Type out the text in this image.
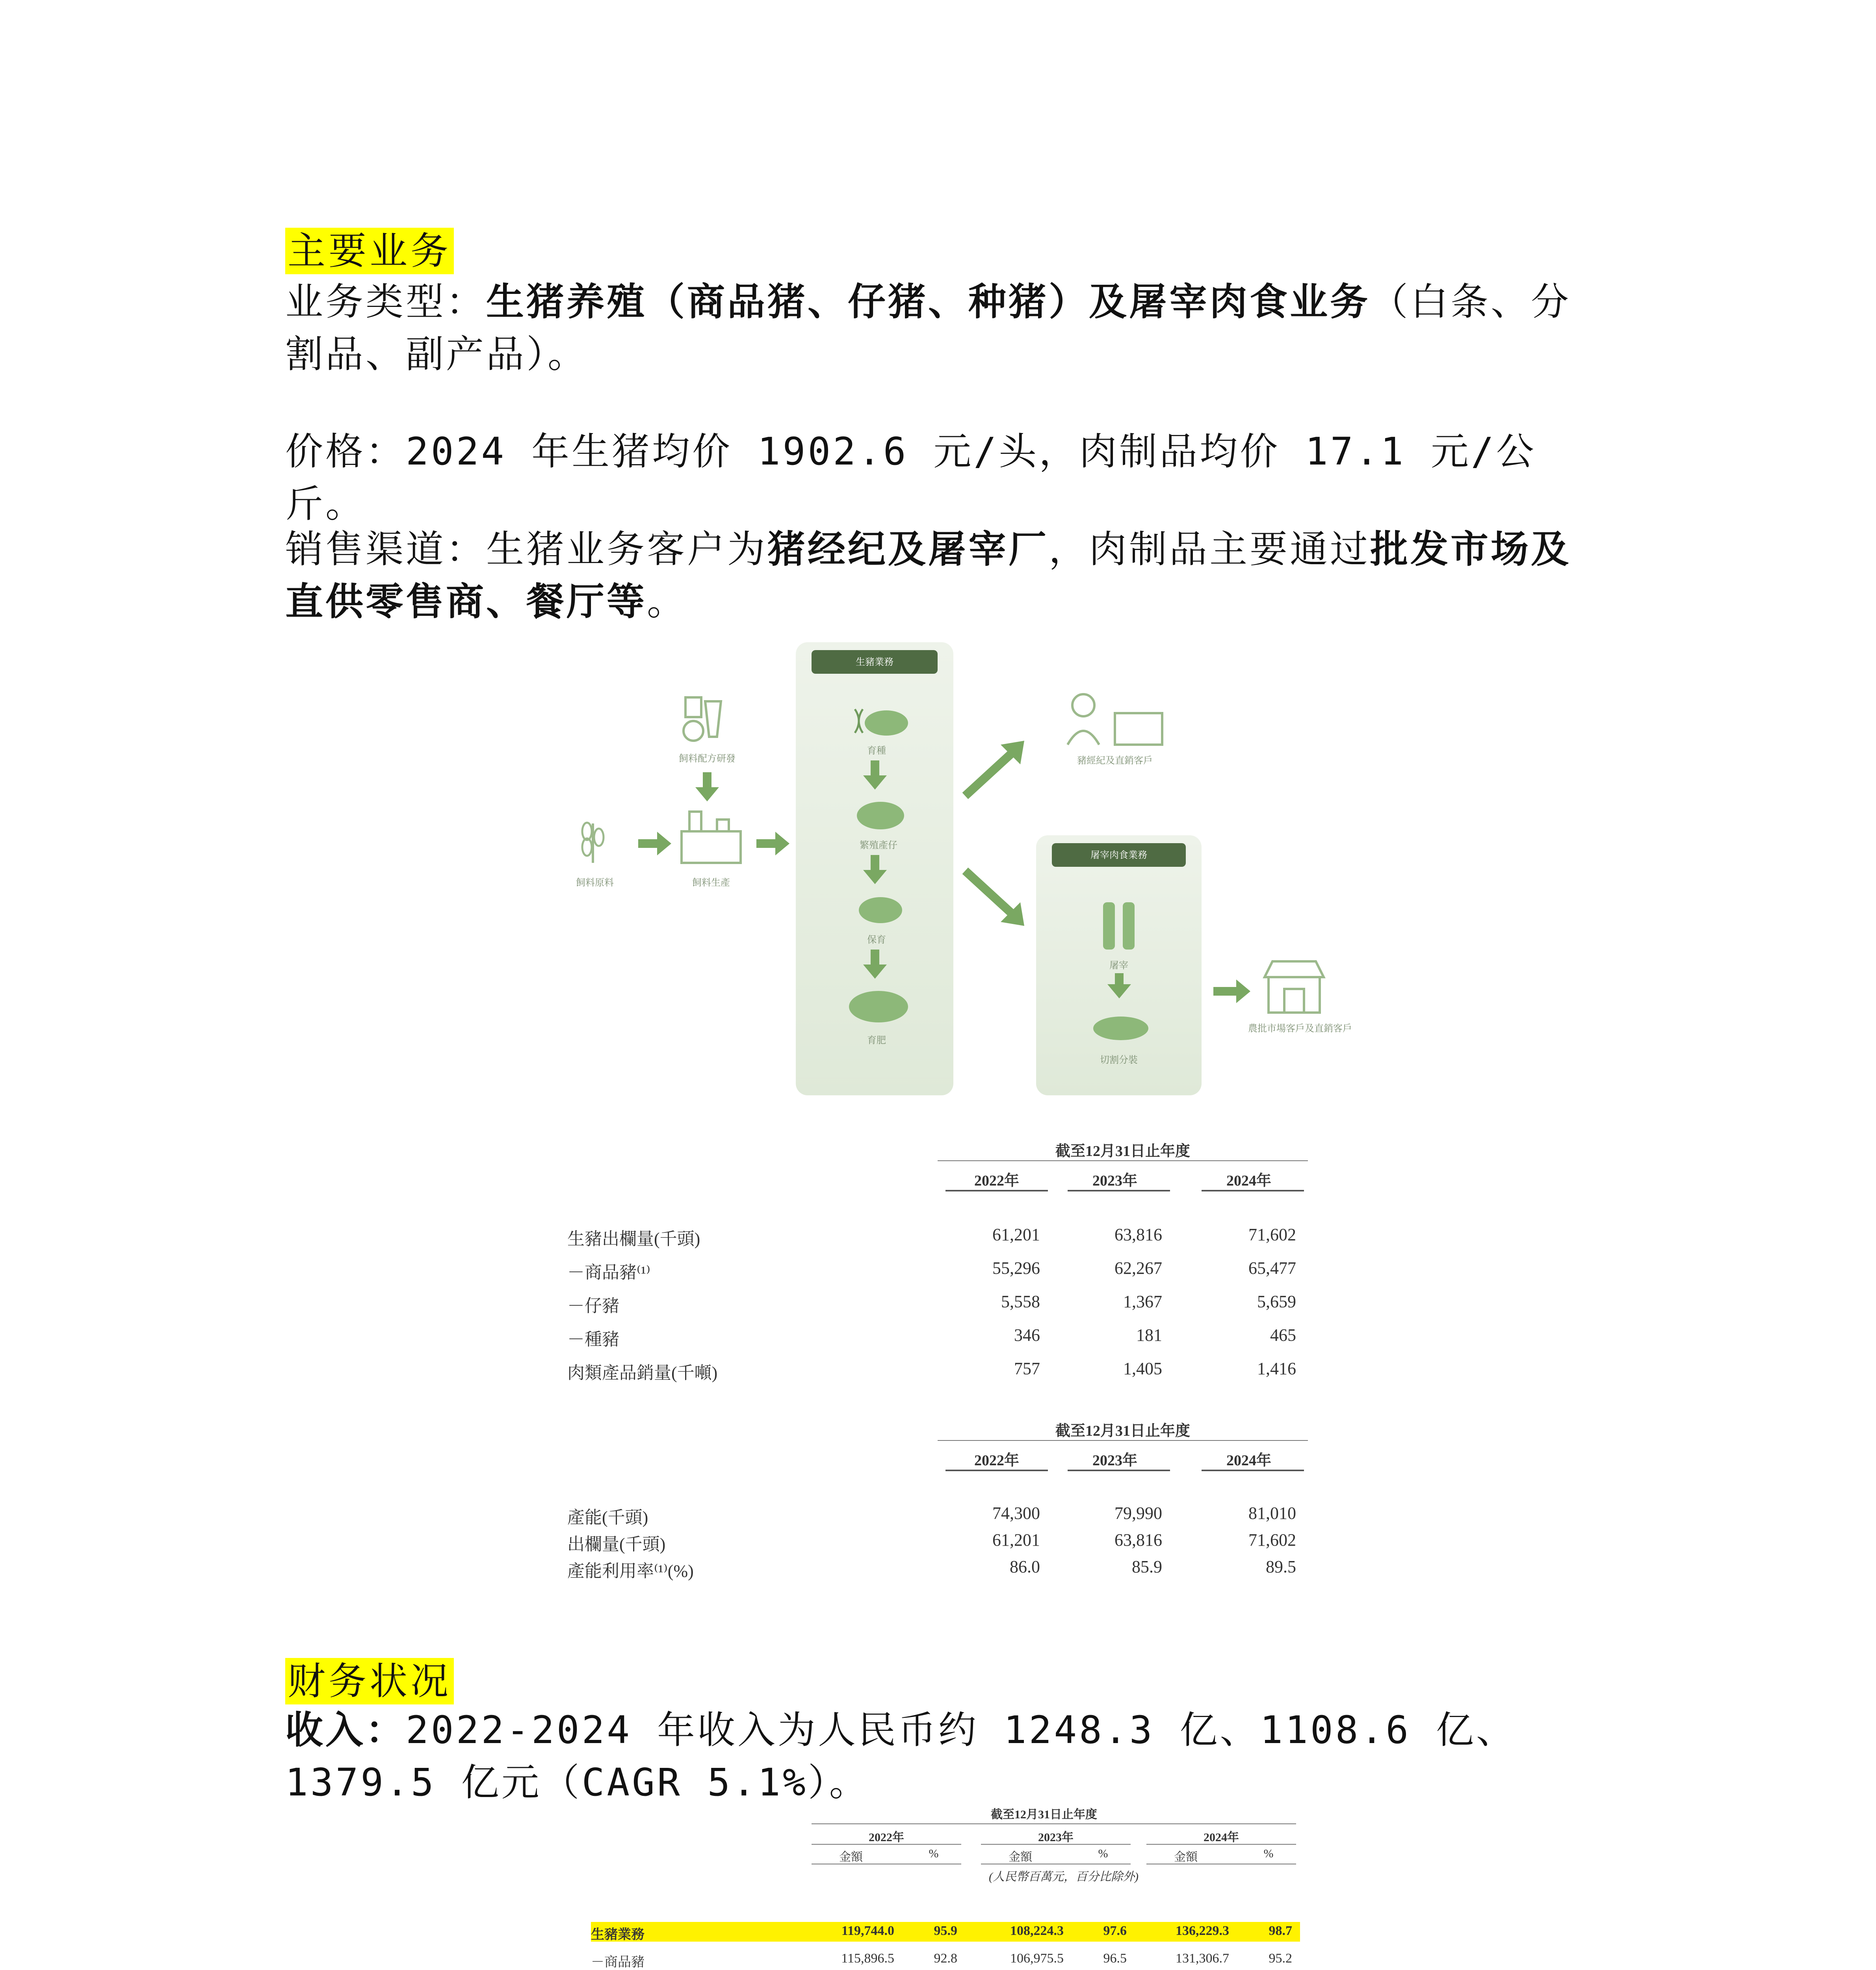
主要业务
业务类型：生猪养殖（商品猪、仔猪、种猪）及屠宰肉食业务（白条、分割品、副产品）。
价格：2024 年生猪均价 1902.6 元/头，肉制品均价 17.1 元/公斤。
销售渠道：生猪业务客户为猪经纪及屠宰厂，肉制品主要通过批发市场及直供零售商、餐厅等。
飼料配方研發
飼料原料	飼料生產
生豬業務
育種
繁殖產仔
保育
育肥
豬經紀及直銷客戶
屠宰肉食業務
屠宰
切割分裝
農批市場客戶及直銷客戶
截至12月31日止年度
2022年	2023年	2024年
生豬出欄量(千頭)	61,201	63,816	71,602
－商品豬⁽¹⁾	55,296	62,267	65,477
－仔豬	5,558	1,367	5,659
－種豬	346	181	465
肉類產品銷量(千噸)	757	1,405	1,416
截至12月31日止年度
2022年	2023年	2024年
產能(千頭)	74,300	79,990	81,010
出欄量(千頭)	61,201	63,816	71,602
產能利用率⁽¹⁾(%)	86.0	85.9	89.5
财务状况
收入：2022-2024 年收入为人民币约 1248.3 亿、1108.6 亿、1379.5 亿元（CAGR 5.1%）。
截至12月31日止年度
2022年	2023年	2024年
金額	%	金額	%	金額	%
(人民幣百萬元，百分比除外)
生豬業務	119,744.0	95.9	108,224.3	97.6	136,229.3	98.7
－商品豬	115,896.5	92.8	106,975.5	96.5	131,306.7	95.2
